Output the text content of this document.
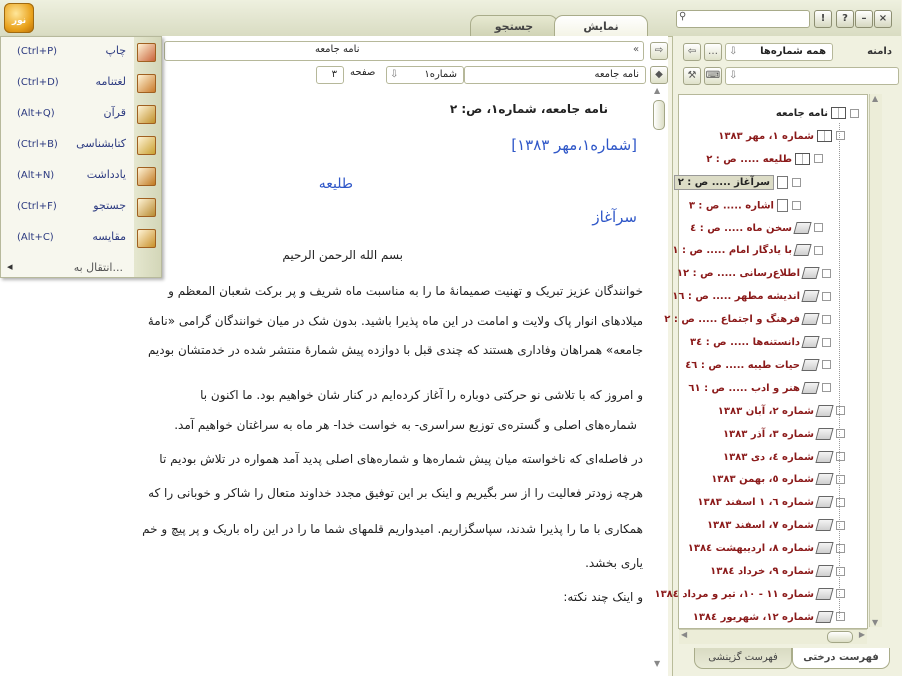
نور	جستجو	نمایش
⚲	!	?	–	×
نامه جامعه	«	⇨
نامه جامعه
شماره۱
⇩
صفحه
۳	◆
نامه جامعه، شماره۱، ص: ۲
[شماره۱،مهر ۱۳۸۳]
طلیعه
سرآغاز
بسم الله الرحمن الرحیم
خوانندگان عزیز تبریک و تهنیت صمیمانهٔ ما را به مناسبت ماه شریف و پر برکت شعبان المعظم و
میلادهای انوار پاک ولایت و امامت در این ماه پذیرا باشید. بدون شک در میان خوانندگان گرامی «نامهٔ
جامعه» همراهان وفاداری هستند که چندی قبل با دوازده پیش شمارهٔ منتشر شده در خدمتشان بودیم
و امروز که با تلاشی نو حرکتی دوباره را آغاز کرده‌ایم در کنار شان خواهیم بود. ما اکنون با
شماره‌های اصلی و گستره‌ی توزیع سراسری- به خواست خدا- هر ماه به سراغتان خواهیم آمد.
در فاصله‌ای که ناخواسته میان پیش شماره‌ها و شماره‌های اصلی پدید آمد همواره در تلاش بودیم تا
هرچه زودتر فعالیت را از سر بگیریم و اینک بر این توفیق مجدد خداوند متعال را شاکر و خوبانی را که
همکاری با ما را پذیرا شدند، سپاسگزاریم. امیدواریم قلمهای شما ما را در این راه باریک و پر پیچ و خم
یاری بخشد.
و اینک چند نکته:
▲
▼
(Ctrl+P)	چاپ
(Ctrl+D)	لغتنامه
(Alt+Q)	قرآن
(Ctrl+B) کتابشناسی
(Alt+N)	یادداشت
(Ctrl+F)	جستجو
(Alt+C)	مقایسه
انتقال به...
◂
دامنه
⇦	…	همه شماره‌ها
⇩
⚒ ⌨ ⇩
نامه جامعه
شماره ۱، مهر ۱۳۸۳
طلیعه ..... ص : ۲
سرآغاز ..... ص : ۲
اشاره ..... ص : ۳
سخن ماه ..... ص : ٤
با یادگار امام ..... ص : ۱
اطلاع‌رسانی ..... ص : ۱۲
اندیشه مطهر ..... ص : ۱٦
فرهنگ و اجتماع ..... ص : ۲
دانستنه‌ها ..... ص : ۳٤
حیات طیبه ..... ص : ٤٦
هنر و ادب ..... ص : ٦١
شماره ۲، آبان ۱۳۸۳
شماره ۳، آذر ۱۳۸۳
شماره ٤، دی ۱۳۸۳
شماره ٥، بهمن ۱۳۸۳
شماره ٦، ۱ اسفند ۱۳۸۳
شماره ۷، اسفند ۱۳۸۳
شماره ۸، اردیبهشت ۱۳۸٤
شماره ۹، خرداد ۱۳۸٤
شماره ۱۱ - ۱۰، تیر و مرداد ۱۳۸٤
شماره ۱۲، شهریور ۱۳۸٤
▲
▼
◀	▶
فهرست درختی
فهرست گزینشی
